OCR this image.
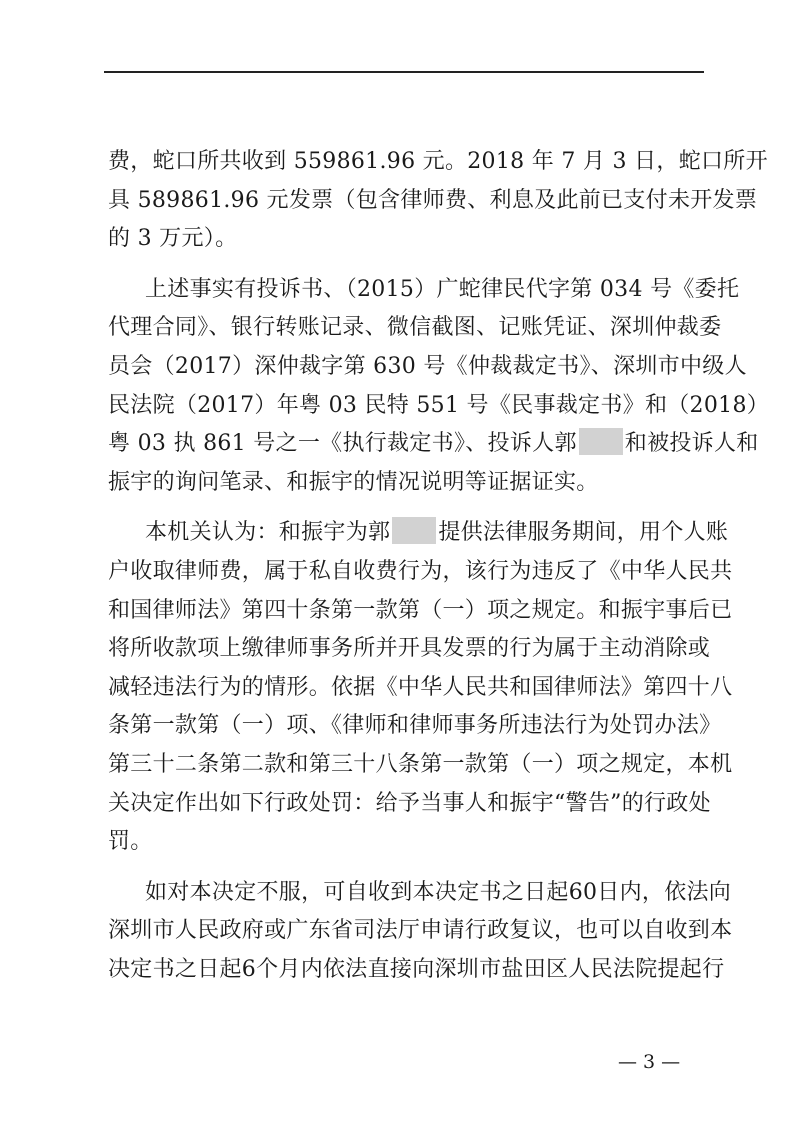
费，蛇口所共收到 559861.96 元。2018 年 7 月 3 日，蛇口所开
具 589861.96 元发票（包含律师费、利息及此前已支付未开发票
的 3 万元）。
上述事实有投诉书、（2015）广蛇律民代字第 034 号《委托
代理合同》、银行转账记录、微信截图、记账凭证、深圳仲裁委
员会（2017）深仲裁字第 630 号《仲裁裁定书》、深圳市中级人
民法院（2017）年粤 03 民特 551 号《民事裁定书》和（2018）
粤 03 执 861 号之一《执行裁定书》、投诉人郭 和被投诉人和
振宇的询问笔录、和振宇的情况说明等证据证实。
本机关认为：和振宇为郭 提供法律服务期间，用个人账
户收取律师费，属于私自收费行为，该行为违反了《中华人民共
和国律师法》第四十条第一款第（一）项之规定。和振宇事后已
将所收款项上缴律师事务所并开具发票的行为属于主动消除或
减轻违法行为的情形。依据《中华人民共和国律师法》第四十八
条第一款第（一）项、《律师和律师事务所违法行为处罚办法》
第三十二条第二款和第三十八条第一款第（一）项之规定，本机
关决定作出如下行政处罚：给予当事人和振宇“警告”的行政处
罚。
如对本决定不服，可自收到本决定书之日起60日内，依法向
深圳市人民政府或广东省司法厅申请行政复议，也可以自收到本
决定书之日起6个月内依法直接向深圳市盐田区人民法院提起行
— 3 —
